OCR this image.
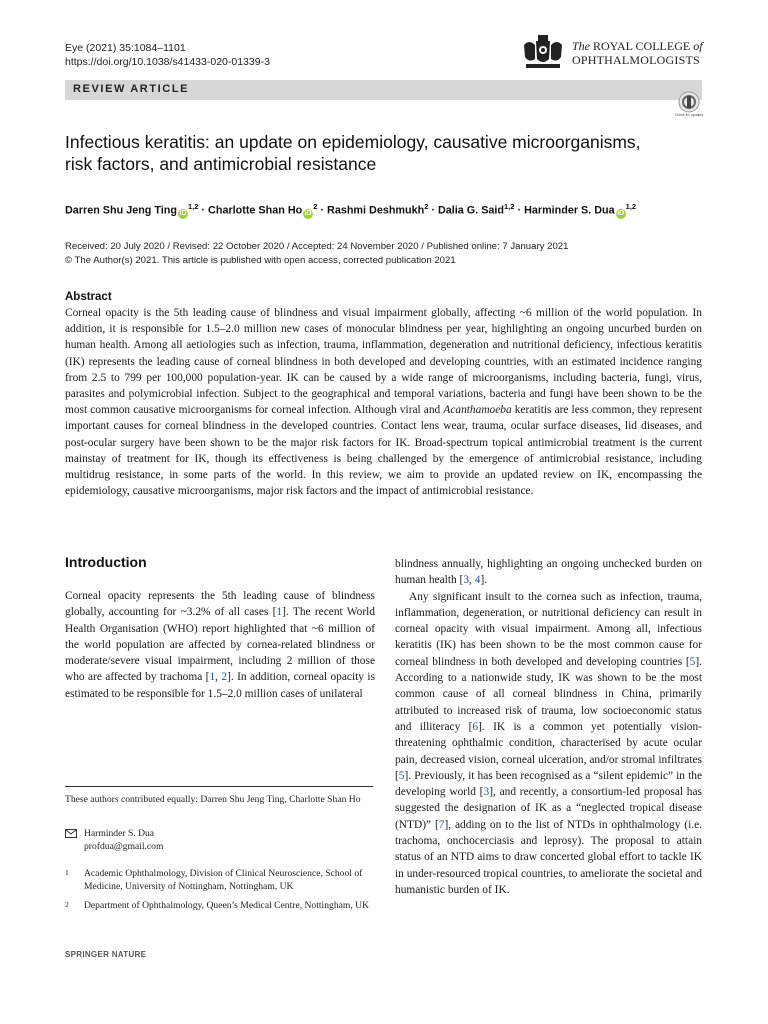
Eye (2021) 35:1084–1101
https://doi.org/10.1038/s41433-020-01339-3
The ROYAL COLLEGE of
OPHTHALMOLOGISTS
REVIEW ARTICLE
Check for updates
Infectious keratitis: an update on epidemiology, causative microorganisms, risk factors, and antimicrobial resistance
Darren Shu Jeng Ting iD$^{1,2}$ · Charlotte Shan Ho $iD^2$ · Rashmi Deshmukh$^2$ · Dalia G. Said$^{1,2}$ · Harminder S. Dua iD$^{1,2}$
Received: 20 July 2020 / Revised: 22 October 2020 / Accepted: 24 November 2020 / Published online: 7 January 2021
© The Author(s) 2021. This article is published with open access, corrected publication 2021
Abstract
Corneal opacity is the 5th leading cause of blindness and visual impairment globally, affecting ~6 million of the world population. In addition, it is responsible for 1.5–2.0 million new cases of monocular blindness per year, highlighting an ongoing uncurbed burden on human health. Among all aetiologies such as infection, trauma, inflammation, degeneration and nutritional deficiency, infectious keratitis (IK) represents the leading cause of corneal blindness in both developed and developing countries, with an estimated incidence ranging from 2.5 to 799 per 100,000 population-year. IK can be caused by a wide range of microorganisms, including bacteria, fungi, virus, parasites and polymicrobial infection. Subject to the geographical and temporal variations, bacteria and fungi have been shown to be the most common causative microorganisms for corneal infection. Although viral and Acanthamoeba keratitis are less common, they represent important causes for corneal blindness in the developed countries. Contact lens wear, trauma, ocular surface diseases, lid diseases, and post-ocular surgery have been shown to be the major risk factors for IK. Broad-spectrum topical antimicrobial treatment is the current mainstay of treatment for IK, though its effectiveness is being challenged by the emergence of antimicrobial resistance, including multidrug resistance, in some parts of the world. In this review, we aim to provide an updated review on IK, encompassing the epidemiology, causative microorganisms, major risk factors and the impact of antimicrobial resistance.
Introduction
Corneal opacity represents the 5th leading cause of blindness globally, accounting for ~3.2% of all cases [1]. The recent World Health Organisation (WHO) report highlighted that ~6 million of the world population are affected by cornea-related blindness or moderate/severe visual impairment, including 2 million of those who are affected by trachoma [1, 2]. In addition, corneal opacity is estimated to be responsible for 1.5–2.0 million cases of unilateral
These authors contributed equally: Darren Shu Jeng Ting, Charlotte Shan Ho
Harminder S. Dua
profdua@gmail.com
1 Academic Ophthalmology, Division of Clinical Neuroscience, School of Medicine, University of Nottingham, Nottingham, UK
2 Department of Ophthalmology, Queen’s Medical Centre, Nottingham, UK

blindness annually, highlighting an ongoing unchecked burden on human health [3, 4].

Any significant insult to the cornea such as infection, trauma, inflammation, degeneration, or nutritional deficiency can result in corneal opacity with visual impairment. Among all, infectious keratitis (IK) has been shown to be the most common cause for corneal blindness in both developed and developing countries [5]. According to a nationwide study, IK was shown to be the most common cause of all corneal blindness in China, primarily attributed to increased risk of trauma, low socioeconomic status and illiteracy [6]. IK is a common yet potentially vision-threatening ophthalmic condition, characterised by acute ocular pain, decreased vision, corneal ulceration, and/or stromal infiltrates [5]. Previously, it has been recognised as a “silent epidemic” in the developing world [3], and recently, a consortium-led proposal has suggested the designation of IK as a “neglected tropical disease (NTD)” [7], adding on to the list of NTDs in ophthalmology (i.e. trachoma, onchocerciasis and leprosy). The proposal to attain status of an NTD aims to draw concerted global effort to tackle IK in under-resourced tropical countries, to ameliorate the societal and humanistic burden of IK.

SPRINGER NATURE
